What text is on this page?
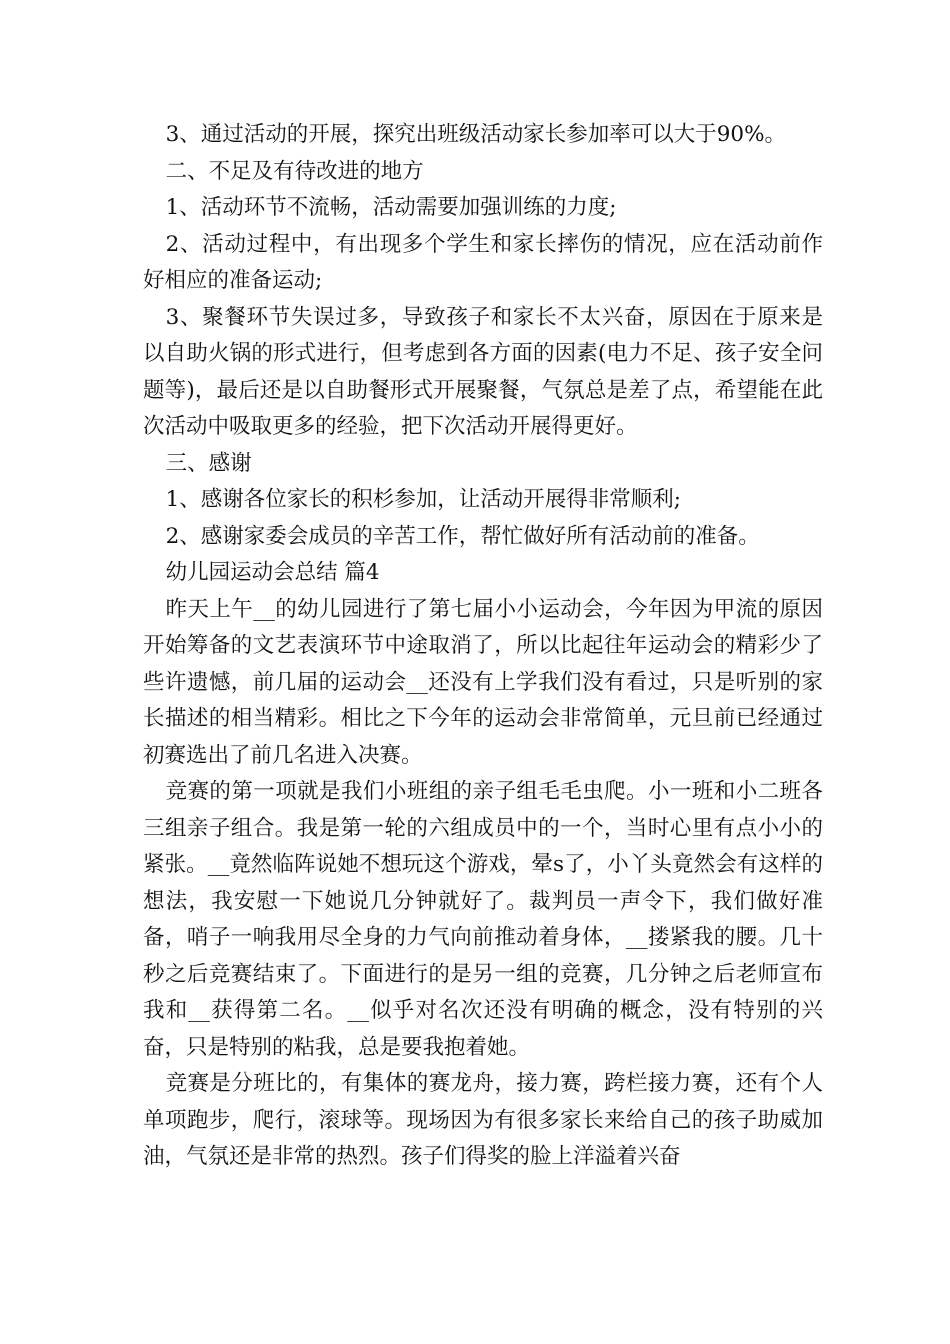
3、通过活动的开展，探究出班级活动家长参加率可以大于90%。

二、不足及有待改进的地方

1、活动环节不流畅，活动需要加强训练的力度;

2、活动过程中，有出现多个学生和家长摔伤的情况，应在活动前作好相应的准备运动;

3、聚餐环节失误过多，导致孩子和家长不太兴奋，原因在于原来是以自助火锅的形式进行，但考虑到各方面的因素(电力不足、孩子安全问题等)，最后还是以自助餐形式开展聚餐，气氛总是差了点，希望能在此次活动中吸取更多的经验，把下次活动开展得更好。

三、感谢

1、感谢各位家长的积杉参加，让活动开展得非常顺利;

2、感谢家委会成员的辛苦工作，帮忙做好所有活动前的准备。

幼儿园运动会总结 篇4

昨天上午__的幼儿园进行了第七届小小运动会，今年因为甲流的原因开始筹备的文艺表演环节中途取消了，所以比起往年运动会的精彩少了些许遗憾，前几届的运动会__还没有上学我们没有看过，只是听别的家长描述的相当精彩。相比之下今年的运动会非常简单，元旦前已经通过初赛选出了前几名进入决赛。

竞赛的第一项就是我们小班组的亲子组毛毛虫爬。小一班和小二班各三组亲子组合。我是第一轮的六组成员中的一个，当时心里有点小小的紧张。__竟然临阵说她不想玩这个游戏，晕s了，小丫头竟然会有这样的想法，我安慰一下她说几分钟就好了。裁判员一声令下，我们做好准备，哨子一响我用尽全身的力气向前推动着身体，__搂紧我的腰。几十秒之后竞赛结束了。下面进行的是另一组的竞赛，几分钟之后老师宣布我和__获得第二名。__似乎对名次还没有明确的概念，没有特别的兴奋，只是特别的粘我，总是要我抱着她。

竞赛是分班比的，有集体的赛龙舟，接力赛，跨栏接力赛，还有个人单项跑步，爬行，滚球等。现场因为有很多家长来给自己的孩子助威加油，气氛还是非常的热烈。孩子们得奖的脸上洋溢着兴奋
